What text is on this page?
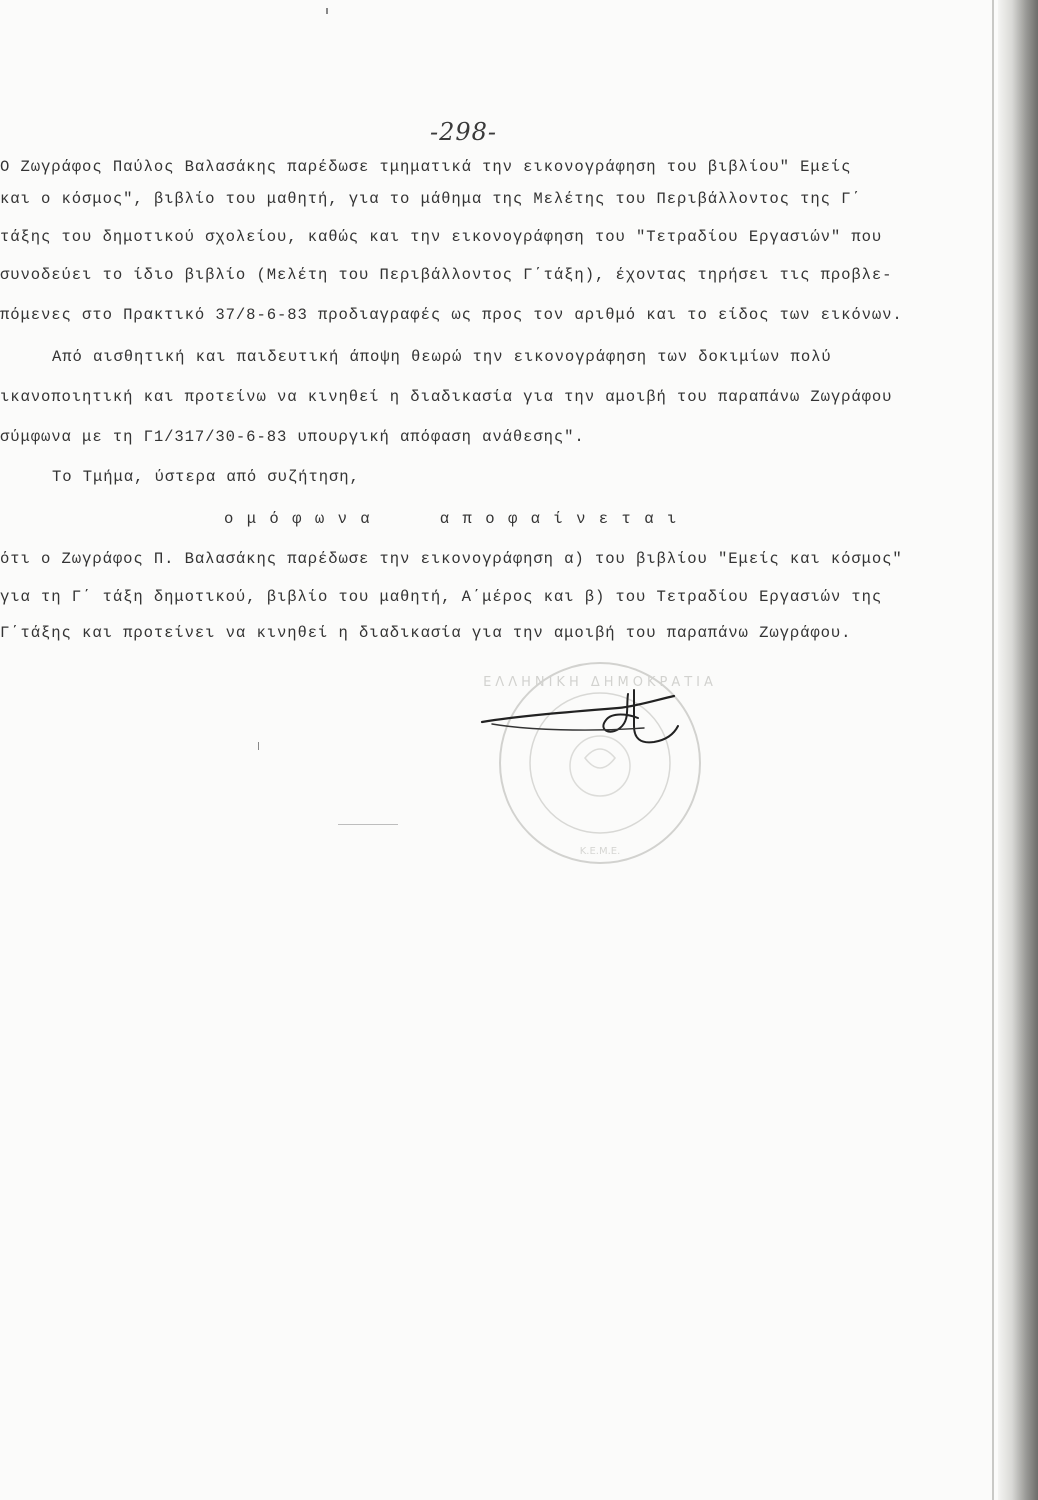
-298-
Ο Ζωγράφος Παύλος Βαλασάκης παρέδωσε τμηματικά την εικονογράφηση του βιβλίου" Εμείς
και ο κόσμος", βιβλίο του μαθητή, για το μάθημα της Μελέτης του Περιβάλλοντος της Γ΄
τάξης του δημοτικού σχολείου, καθώς και την εικονογράφηση του "Τετραδίου Εργασιών" που
συνοδεύει το ίδιο βιβλίο (Μελέτη του Περιβάλλοντος Γ΄τάξη), έχοντας τηρήσει τις προβλε-
πόμενες στο Πρακτικό 37/8-6-83 προδιαγραφές ως προς τον αριθμό και το είδος των εικόνων.
Από αισθητική και παιδευτική άποψη θεωρώ την εικονογράφηση των δοκιμίων πολύ
ικανοποιητική και προτείνω να κινηθεί η διαδικασία για την αμοιβή του παραπάνω Ζωγράφου
σύμφωνα με τη Γ1/317/30-6-83 υπουργική απόφαση ανάθεσης".
Το Τμήμα, ύστερα από συζήτηση,
ο μ ό φ ω ν α      α π ο φ α ί ν ε τ α ι
ότι ο Ζωγράφος Π. Βαλασάκης παρέδωσε την εικονογράφηση α) του βιβλίου "Εμείς και κόσμος"
για τη Γ΄ τάξη δημοτικού, βιβλίο του μαθητή, Α΄μέρος και β) του Τετραδίου Εργασιών της
Γ΄τάξης και προτείνει να κινηθεί η διαδικασία για την αμοιβή του παραπάνω Ζωγράφου.
ΕΛΛΗΝΙΚΗ ΔΗΜΟΚΡΑΤΙΑ
Κ.Ε.Μ.Ε.
